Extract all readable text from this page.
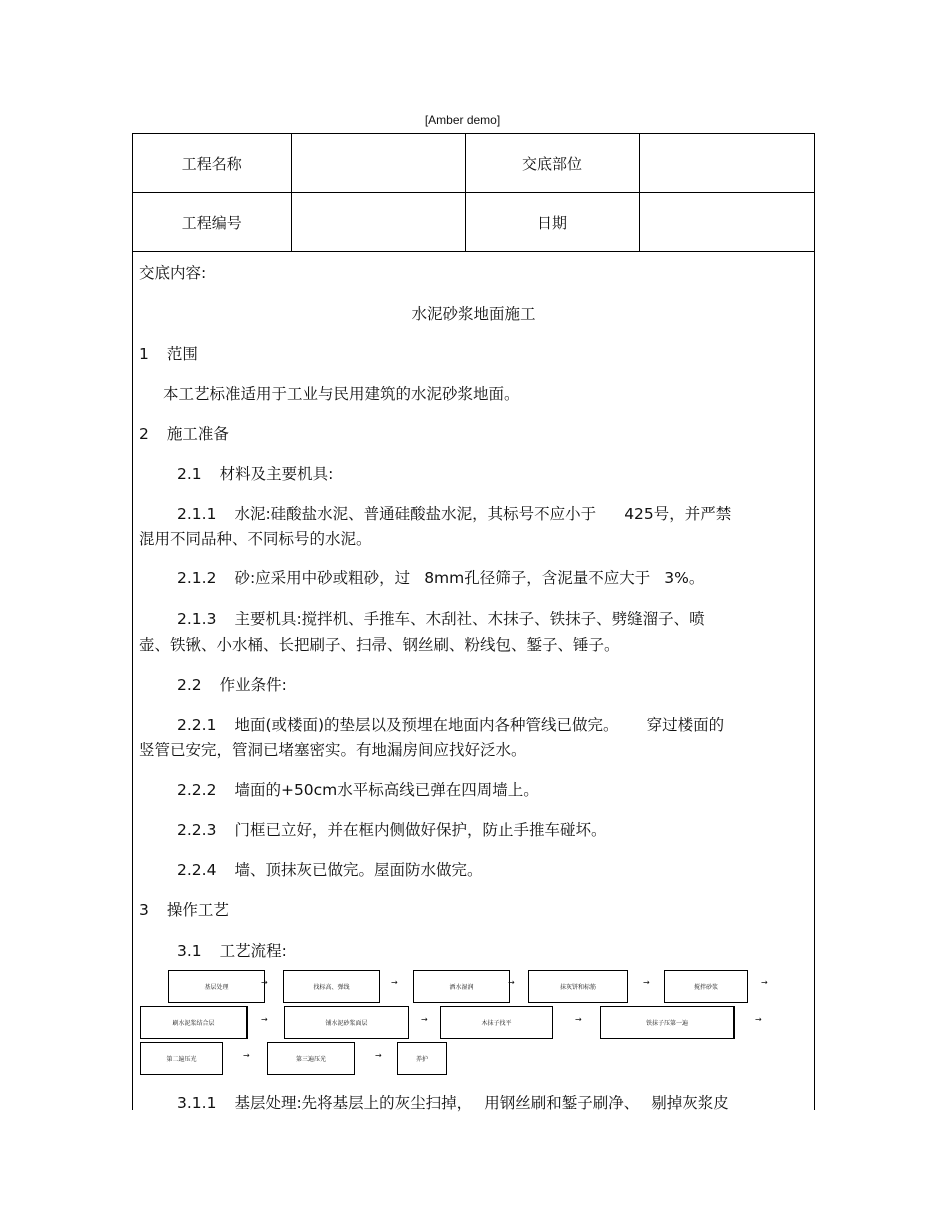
[Amber demo]
工程名称		交底部位	
工程编号		日期	
交底内容:
水泥砂浆地面施工
1 范围
本工艺标准适用于工业与民用建筑的水泥砂浆地面。
2 施工准备
2.1 材料及主要机具:
2.1.1 水泥:硅酸盐水泥、普通硅酸盐水泥，其标号不应小于 425号，并严禁
混用不同品种、不同标号的水泥。
2.1.2 砂:应采用中砂或粗砂，过 8mm孔径筛子，含泥量不应大于 3%。
2.1.3 主要机具:搅拌机、手推车、木刮社、木抹子、铁抹子、劈缝溜子、喷
壶、铁锹、小水桶、长把刷子、扫帚、钢丝刷、粉线包、錾子、锤子。
2.2 作业条件:
2.2.1 地面(或楼面)的垫层以及预埋在地面内各种管线已做完。 穿过楼面的
竖管已安完，管洞已堵塞密实。有地漏房间应找好泛水。
2.2.2 墙面的+50cm水平标高线已弹在四周墙上。
2.2.3 门框已立好，并在框内侧做好保护，防止手推车碰坏。
2.2.4 墙、顶抹灰已做完。屋面防水做完。
3 操作工艺
3.1 工艺流程:
基层处理
→
找标高、弹线
→
洒水湿润
→
抹灰饼和标筋
→
搅拌砂浆
→
刷水泥浆结合层	→	铺水泥砂浆面层	→	木抹子找平	→	铁抹子压第一遍	→
第二遍压光	→	第三遍压光	→	养护
3.1.1 基层处理:先将基层上的灰尘扫掉， 用钢丝刷和錾子刷净、 剔掉灰浆皮
